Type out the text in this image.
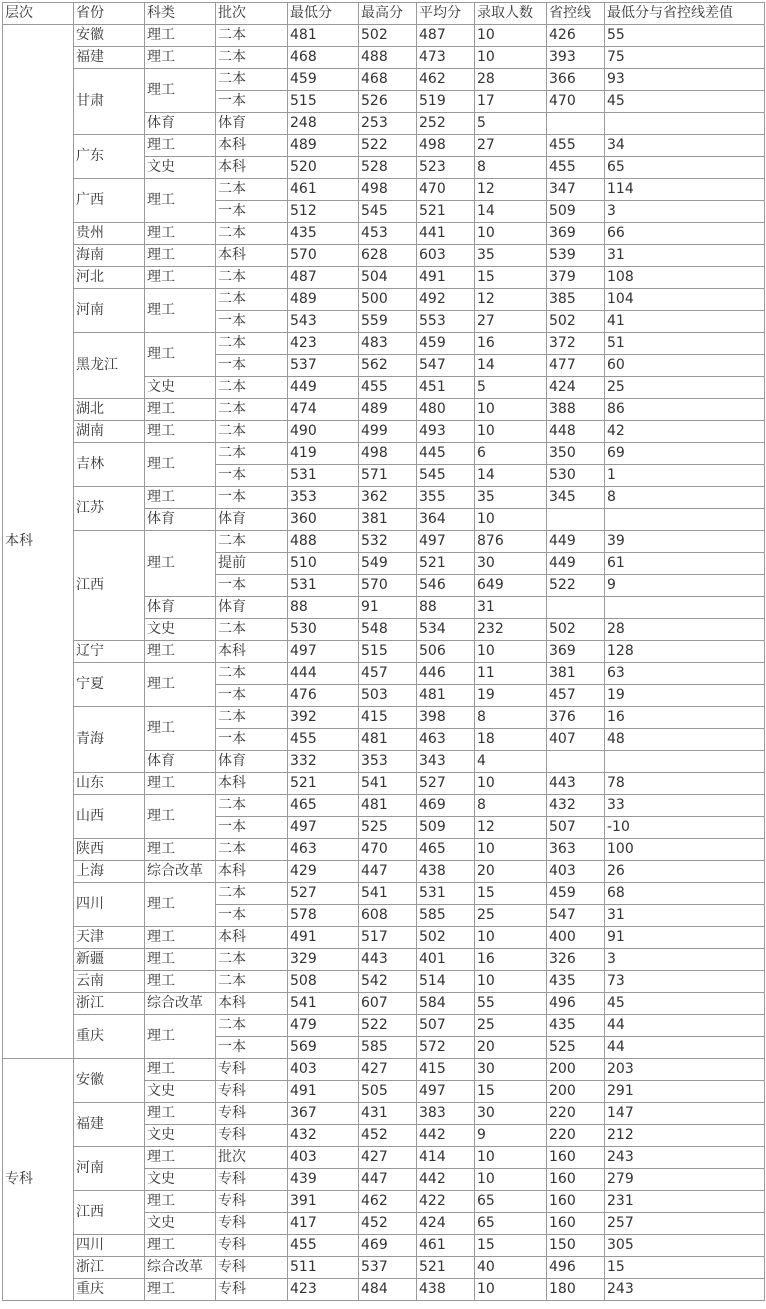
层次	省份	科类	批次	最低分	最高分	平均分	录取人数	省控线	最低分与省控线差值
本科	安徽	理工	二本	481	502	487	10	426	55
	福建	理工	二本	468	488	473	10	393	75
	甘肃	理工	二本	459	468	462	28	366	93
			一本	515	526	519	17	470	45
		体育	体育	248	253	252	5		
	广东	理工	本科	489	522	498	27	455	34
		文史	本科	520	528	523	8	455	65
	广西	理工	二本	461	498	470	12	347	114
			一本	512	545	521	14	509	3
	贵州	理工	二本	435	453	441	10	369	66
	海南	理工	本科	570	628	603	35	539	31
	河北	理工	二本	487	504	491	15	379	108
	河南	理工	二本	489	500	492	12	385	104
			一本	543	559	553	27	502	41
	黑龙江	理工	二本	423	483	459	16	372	51
			一本	537	562	547	14	477	60
		文史	二本	449	455	451	5	424	25
	湖北	理工	二本	474	489	480	10	388	86
	湖南	理工	二本	490	499	493	10	448	42
	吉林	理工	二本	419	498	445	6	350	69
			一本	531	571	545	14	530	1
	江苏	理工	一本	353	362	355	35	345	8
		体育	体育	360	381	364	10		
	江西	理工	二本	488	532	497	876	449	39
			提前	510	549	521	30	449	61
			一本	531	570	546	649	522	9
		体育	体育	88	91	88	31		
		文史	二本	530	548	534	232	502	28
	辽宁	理工	本科	497	515	506	10	369	128
	宁夏	理工	二本	444	457	446	11	381	63
			一本	476	503	481	19	457	19
	青海	理工	二本	392	415	398	8	376	16
			一本	455	481	463	18	407	48
		体育	体育	332	353	343	4		
	山东	理工	本科	521	541	527	10	443	78
	山西	理工	二本	465	481	469	8	432	33
			一本	497	525	509	12	507	-10
	陕西	理工	二本	463	470	465	10	363	100
	上海	综合改革	本科	429	447	438	20	403	26
	四川	理工	二本	527	541	531	15	459	68
			一本	578	608	585	25	547	31
	天津	理工	本科	491	517	502	10	400	91
	新疆	理工	二本	329	443	401	16	326	3
	云南	理工	二本	508	542	514	10	435	73
	浙江	综合改革	本科	541	607	584	55	496	45
	重庆	理工	二本	479	522	507	25	435	44
			一本	569	585	572	20	525	44
专科	安徽	理工	专科	403	427	415	30	200	203
		文史	专科	491	505	497	15	200	291
	福建	理工	专科	367	431	383	30	220	147
		文史	专科	432	452	442	9	220	212
	河南	理工	批次	403	427	414	10	160	243
		文史	专科	439	447	442	10	160	279
	江西	理工	专科	391	462	422	65	160	231
		文史	专科	417	452	424	65	160	257
	四川	理工	专科	455	469	461	15	150	305
	浙江	综合改革	专科	511	537	521	40	496	15
	重庆	理工	专科	423	484	438	10	180	243
